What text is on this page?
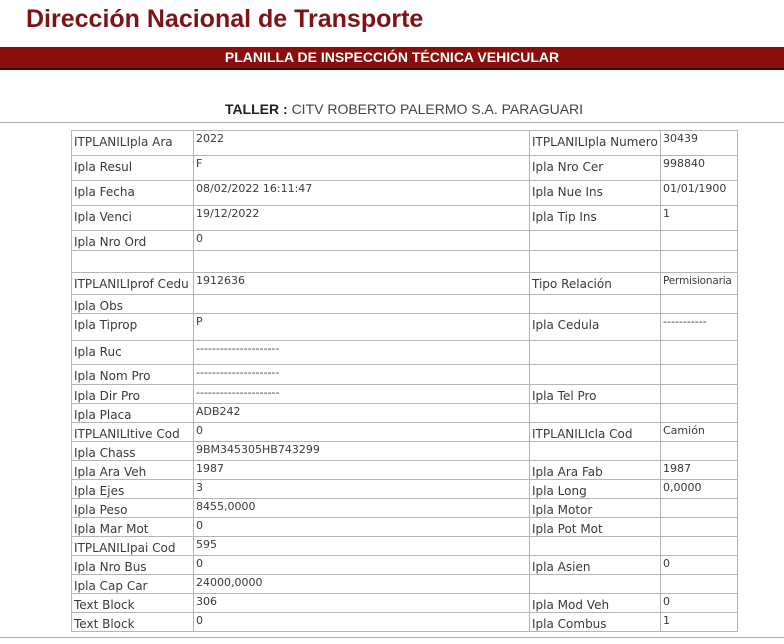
Dirección Nacional de Transporte
PLANILLA DE INSPECCIÓN TÉCNICA VEHICULAR
TALLER : CITV ROBERTO PALERMO S.A. PARAGUARI
ITPLANILIpla Ara	2022	ITPLANILIpla Numero	30439
Ipla Resul	F	Ipla Nro Cer	998840
Ipla Fecha	08/02/2022 16:11:47	Ipla Nue Ins	01/01/1900
Ipla Venci	19/12/2022	Ipla Tip Ins	1
Ipla Nro Ord	0		

ITPLANILIprof Cedu	1912636	Tipo Relación	Permisionaria
Ipla Obs			
Ipla Tiprop	P	Ipla Cedula	-----------
Ipla Ruc	---------------------		
Ipla Nom Pro	---------------------		
Ipla Dir Pro	---------------------	Ipla Tel Pro	
Ipla Placa	ADB242		
ITPLANILItive Cod	0	ITPLANILIcla Cod	Camión
Ipla Chass	9BM345305HB743299		
Ipla Ara Veh	1987	Ipla Ara Fab	1987
Ipla Ejes	3	Ipla Long	0,0000
Ipla Peso	8455,0000	Ipla Motor	
Ipla Mar Mot	0	Ipla Pot Mot	
ITPLANILIpai Cod	595		
Ipla Nro Bus	0	Ipla Asien	0
Ipla Cap Car	24000,0000		
Text Block	306	Ipla Mod Veh	0
Text Block	0	Ipla Combus	1
